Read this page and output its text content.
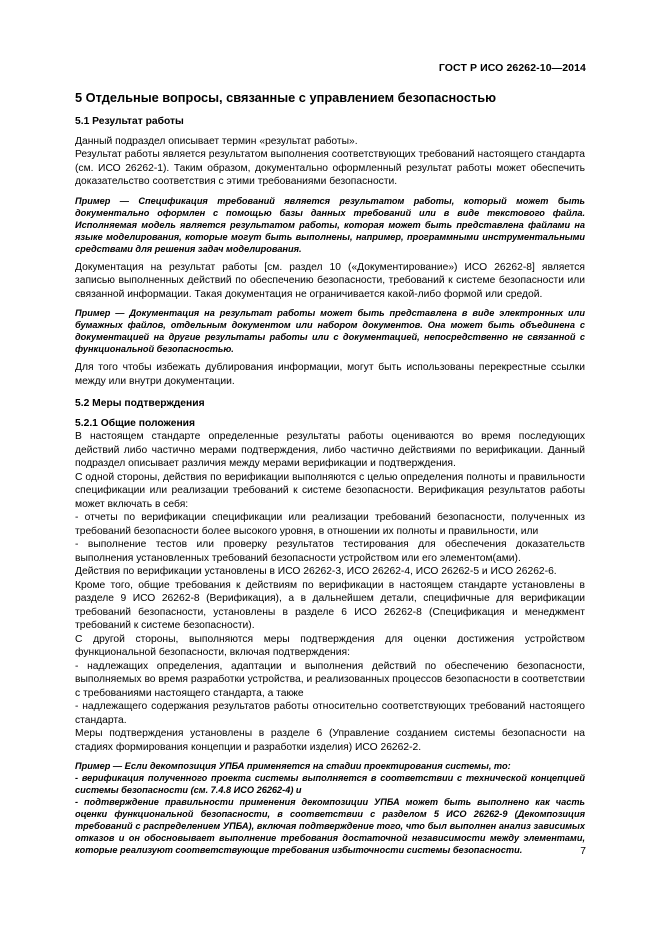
ГОСТ Р ИСО 26262-10—2014
5 Отдельные вопросы, связанные с управлением безопасностью
5.1 Результат работы

Данный подраздел описывает термин «результат работы».

Результат работы является результатом выполнения соответствующих требований настоящего стандарта (см. ИСО 26262-1). Таким образом, документально оформленный результат работы может обеспечить доказательство соответствия с этими требованиями безопасности.

Пример — Спецификация требований является результатом работы, который может быть документально оформлен с помощью базы данных требований или в виде текстового файла. Исполняемая модель является результатом работы, которая может быть представлена файлами на языке моделирования, которые могут быть выполнены, например, программными инструментальными средствами для решения задач моделирования.

Документация на результат работы [см. раздел 10 («Документирование») ИСО 26262-8] является записью выполненных действий по обеспечению безопасности, требований к системе безопасности или связанной информации. Такая документация не ограничивается какой-либо формой или средой.

Пример — Документация на результат работы может быть представлена в виде электронных или бумажных файлов, отдельным документом или набором документов. Она может быть объединена с документацией на другие результаты работы или с документацией, непосредственно не связанной с функциональной безопасностью.

Для того чтобы избежать дублирования информации, могут быть использованы перекрестные ссылки между или внутри документации.

5.2 Меры подтверждения
5.2.1 Общие положения

В настоящем стандарте определенные результаты работы оцениваются во время последующих действий либо частично мерами подтверждения, либо частично действиями по верификации. Данный подраздел описывает различия между мерами верификации и подтверждения.

С одной стороны, действия по верификации выполняются с целью определения полноты и правильности спецификации или реализации требований к системе безопасности. Верификация результатов работы может включать в себя:

- отчеты по верификации спецификации или реализации требований безопасности, полученных из требований безопасности более высокого уровня, в отношении их полноты и правильности, или

- выполнение тестов или проверку результатов тестирования для обеспечения доказательств выполнения установленных требований безопасности устройством или его элементом(ами).

Действия по верификации установлены в ИСО 26262-3, ИСО 26262-4, ИСО 26262-5 и ИСО 26262-6.

Кроме того, общие требования к действиям по верификации в настоящем стандарте установлены в разделе 9 ИСО 26262-8 (Верификация), а в дальнейшем детали, специфичные для верификации требований безопасности, установлены в разделе 6 ИСО 26262-8 (Спецификация и менеджмент требований к системе безопасности).

С другой стороны, выполняются меры подтверждения для оценки достижения устройством функциональной безопасности, включая подтверждения:

- надлежащих определения, адаптации и выполнения действий по обеспечению безопасности, выполняемых во время разработки устройства, и реализованных процессов безопасности в соответствии с требованиями настоящего стандарта, а также

- надлежащего содержания результатов работы относительно соответствующих требований настоящего стандарта.

Меры подтверждения установлены в разделе 6 (Управление созданием системы безопасности на стадиях формирования концепции и разработки изделия) ИСО 26262-2.

Пример — Если декомпозиция УПБА применяется на стадии проектирования системы, то:

- верификация полученного проекта системы выполняется в соответствии с технической концепцией системы безопасности (см. 7.4.8 ИСО 26262-4) и

- подтверждение правильности применения декомпозиции УПБА может быть выполнено как часть оценки функциональной безопасности, в соответствии с разделом 5 ИСО 26262-9 (Декомпозиция требований с распределением УПБА), включая подтверждение того, что был выполнен анализ зависимых отказов и он обосновывает выполнение требования достаточной независимости между элементами, которые реализуют соответствующие требования избыточности системы безопасности.	7
